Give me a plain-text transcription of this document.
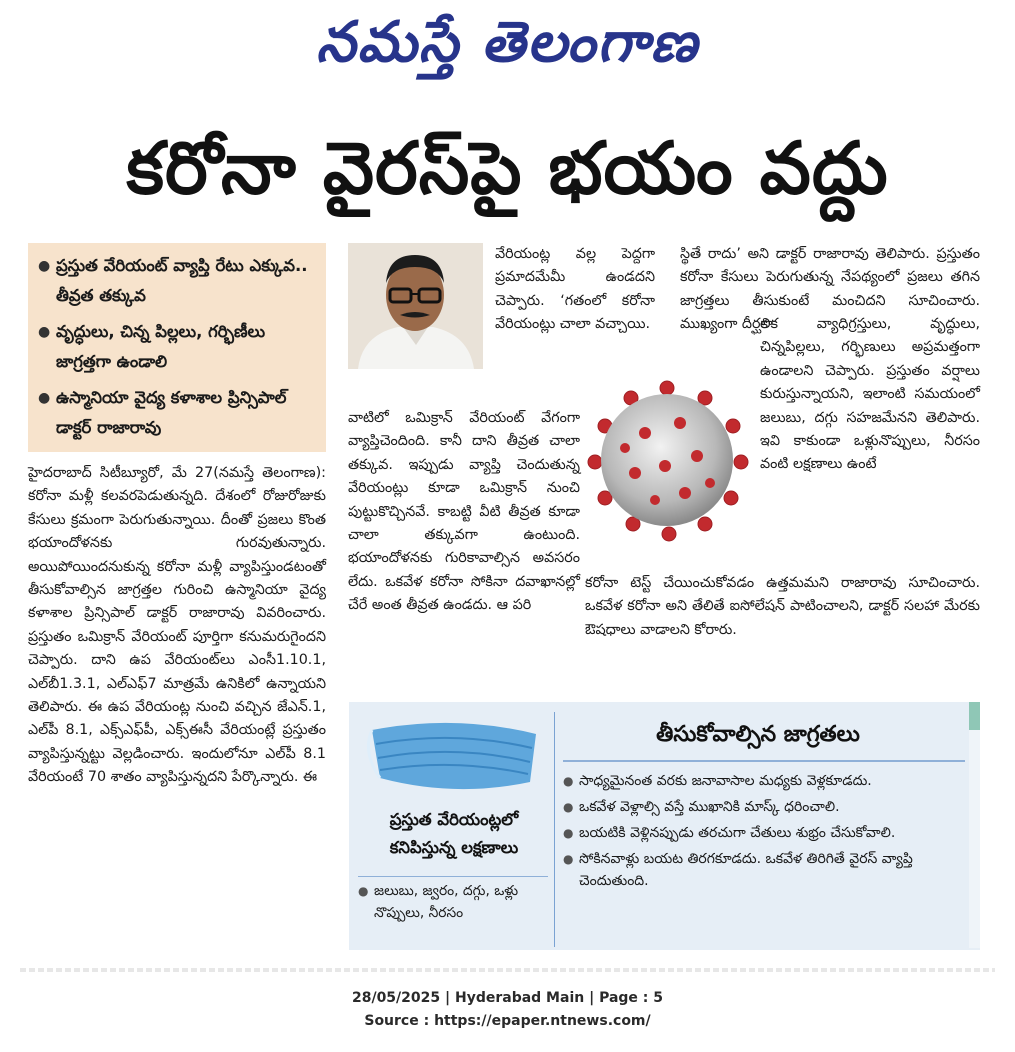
నమస్తే తెలంగాణ
కరోనా వైరస్‌పై భయం వద్దు
● ప్రస్తుత వేరియంట్ వ్యాప్తి రేటు ఎక్కువ.. తీవ్రత తక్కువ
● వృద్ధులు, చిన్న పిల్లలు, గర్భిణీలు జాగ్రత్తగా ఉండాలి
● ఉస్మానియా వైద్య కళాశాల ప్రిన్సిపాల్ డాక్టర్ రాజారావు

హైదరాబాద్ సిటీబ్యూరో, మే 27(నమస్తే తెలంగాణ): కరోనా మళ్లీ కలవరపెడుతున్నది. దేశంలో రోజురోజుకు కేసులు క్రమంగా పెరుగుతున్నాయి. దీంతో ప్రజలు కొంత భయాందోళనకు గురవుతున్నారు. అయిపోయిందనుకున్న కరోనా మళ్లీ వ్యాపిస్తుండటంతో తీసుకోవాల్సిన జాగ్రత్తల గురించి ఉస్మానియా వైద్య కళాశాల ప్రిన్సిపాల్ డాక్టర్ రాజారావు వివరించారు. ప్రస్తుతం ఒమిక్రాన్ వేరియంట్ పూర్తిగా కనుమరుగైందని చెప్పారు. దాని ఉప వేరియంట్‌లు ఎంసీ1.10.1, ఎల్‌బీ1.3.1, ఎల్‌ఎఫ్7 మాత్రమే ఉనికిలో ఉన్నాయని తెలిపారు. ఈ ఉప వేరియంట్ల నుంచి వచ్చిన జేఎన్.1, ఎల్‌పీ 8.1, ఎక్స్‌ఎఫ్‌పీ, ఎక్స్‌ఈసీ వేరియంట్లే ప్రస్తుతం వ్యాపిస్తున్నట్టు వెల్లడించారు. ఇందులోనూ ఎల్‌పీ 8.1 వేరియంటే 70 శాతం వ్యాపిస్తున్నదని పేర్కొన్నారు. ఈ

వేరియంట్ల వల్ల పెద్దగా ప్రమాదమేమీ ఉండదని చెప్పారు. ‘గతంలో కరోనా వేరియంట్లు చాలా వచ్చాయి.

వాటిలో ఒమిక్రాన్ వేరియంట్ వేగంగా వ్యాప్తిచెందింది. కానీ దాని తీవ్రత చాలా తక్కువ. ఇప్పుడు వ్యాప్తి చెందుతున్న వేరియంట్లు కూడా ఒమిక్రాన్ నుంచి పుట్టుకొచ్చినవే. కాబట్టి వీటి తీవ్రత కూడా చాలా తక్కువగా ఉంటుంది. భయాందోళనకు గురికావాల్సిన అవసరం లేదు. ఒకవేళ కరోనా సోకినా దవాఖానల్లో చేరే అంత తీవ్రత ఉండదు. ఆ పరి

స్థితే రాదు’ అని డాక్టర్ రాజారావు తెలిపారు. ప్రస్తుతం కరోనా కేసులు పెరుగుతున్న నేపథ్యంలో ప్రజలు తగిన జాగ్రత్తలు తీసుకుంటే మంచిదని సూచించారు. ముఖ్యంగా దీర్ఘకా

లిక వ్యాధిగ్రస్తులు, వృద్ధులు, చిన్నపిల్లలు, గర్భిణులు అప్రమత్తంగా ఉండాలని చెప్పారు. ప్రస్తుతం వర్షాలు కురుస్తున్నాయని, ఇలాంటి సమయంలో జలుబు, దగ్గు సహజమేనని తెలిపారు. ఇవి కాకుండా ఒళ్లునొప్పులు, నీరసం వంటి లక్షణాలు ఉంటే

కరోనా టెస్ట్ చేయించుకోవడం ఉత్తమమని రాజారావు సూచించారు. ఒకవేళ కరోనా అని తేలితే ఐసోలేషన్ పాటించాలని, డాక్టర్ సలహా మేరకు ఔషధాలు వాడాలని కోరారు.

ప్రస్తుత వేరియంట్లలో కనిపిస్తున్న లక్షణాలు
● జలుబు, జ్వరం, దగ్గు, ఒళ్లు నొప్పులు, నీరసం
తీసుకోవాల్సిన జాగ్రతలు
● సాధ్యమైనంత వరకు జనావాసాల మధ్యకు వెళ్లకూడదు.
● ఒకవేళ వెళ్లాల్సి వస్తే ముఖానికి మాస్క్ ధరించాలి.
● బయటికి వెళ్లినప్పుడు తరచుగా చేతులు శుభ్రం చేసుకోవాలి.
● సోకినవాళ్లు బయట తిరగకూడదు. ఒకవేళ తిరిగితే వైరస్ వ్యాప్తి చెందుతుంది.
28/05/2025 | Hyderabad Main | Page : 5
Source : https://epaper.ntnews.com/
